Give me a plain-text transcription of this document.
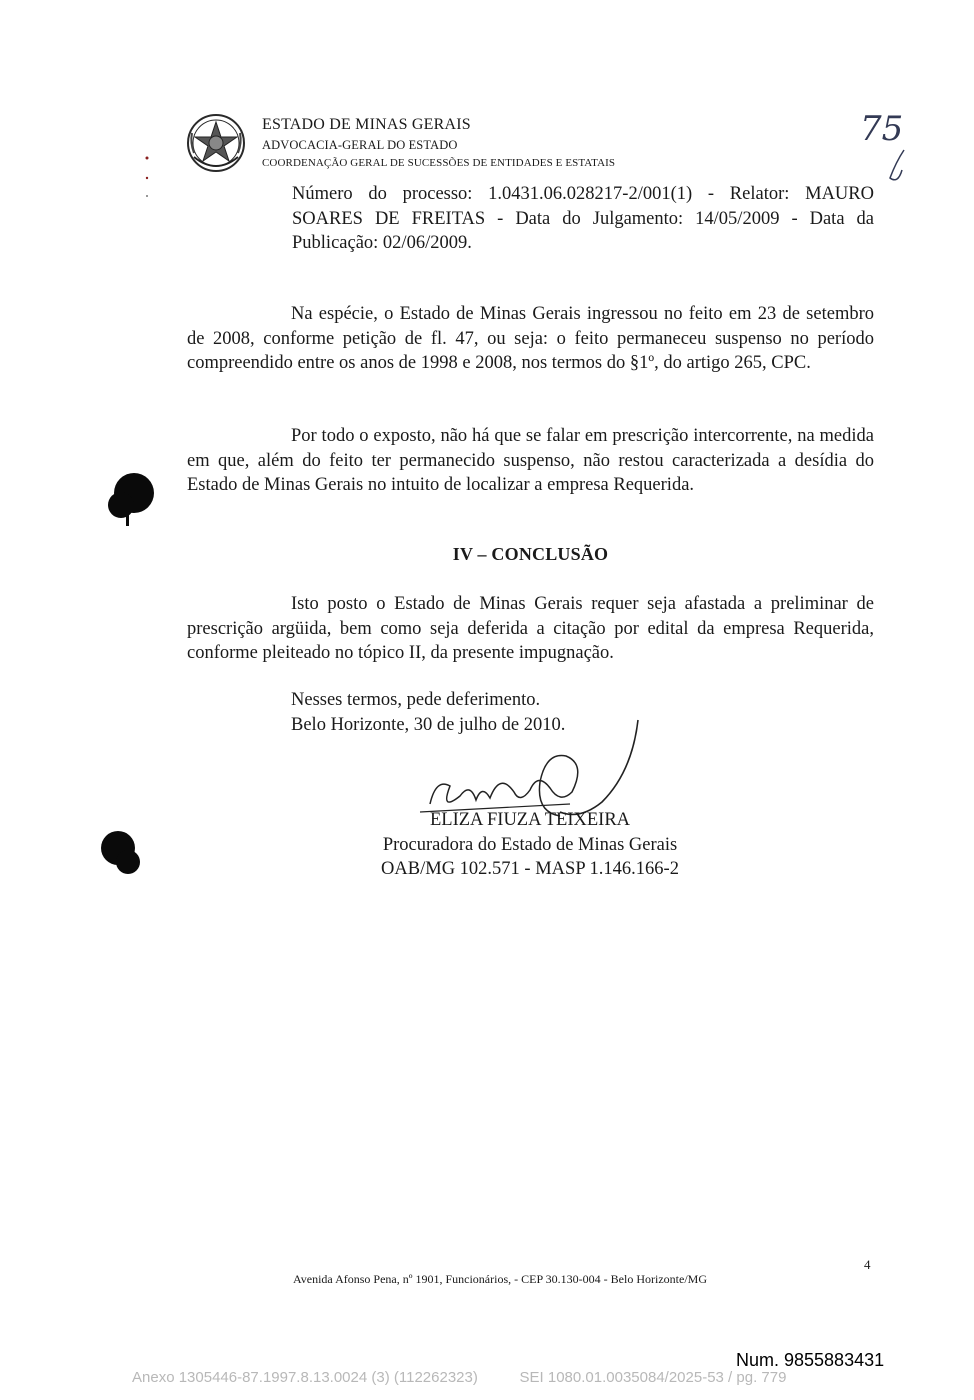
ESTADO DE MINAS GERAIS
ADVOCACIA-GERAL DO ESTADO
COORDENAÇÃO GERAL DE SUCESSÕES DE ENTIDADES E ESTATAIS
75
Número do processo: 1.0431.06.028217-2/001(1) - Relator: MAURO SOARES DE FREITAS - Data do Julgamento: 14/05/2009 - Data da Publicação: 02/06/2009.
Na espécie, o Estado de Minas Gerais ingressou no feito em 23 de setembro de 2008, conforme petição de fl. 47, ou seja: o feito permaneceu suspenso no período compreendido entre os anos de 1998 e 2008, nos termos do §1º, do artigo 265, CPC.
Por todo o exposto, não há que se falar em prescrição intercorrente, na medida em que, além do feito ter permanecido suspenso, não restou caracterizada a desídia do Estado de Minas Gerais no intuito de localizar a empresa Requerida.
IV – CONCLUSÃO
Isto posto o Estado de Minas Gerais requer seja afastada a preliminar de prescrição argüida, bem como seja deferida a citação por edital da empresa Requerida, conforme pleiteado no tópico II, da presente impugnação.
Nesses termos, pede deferimento.
Belo Horizonte, 30 de julho de 2010.
ELIZA FIUZA TEIXEIRA
Procuradora do Estado de Minas Gerais
OAB/MG 102.571 - MASP 1.146.166-2
4
Avenida Afonso Pena, nº 1901, Funcionários, - CEP 30.130-004 - Belo Horizonte/MG
Num. 9855883431
Anexo 1305446-87.1997.8.13.0024 (3) (112262323)	SEI 1080.01.0035084/2025-53 / pg. 779
